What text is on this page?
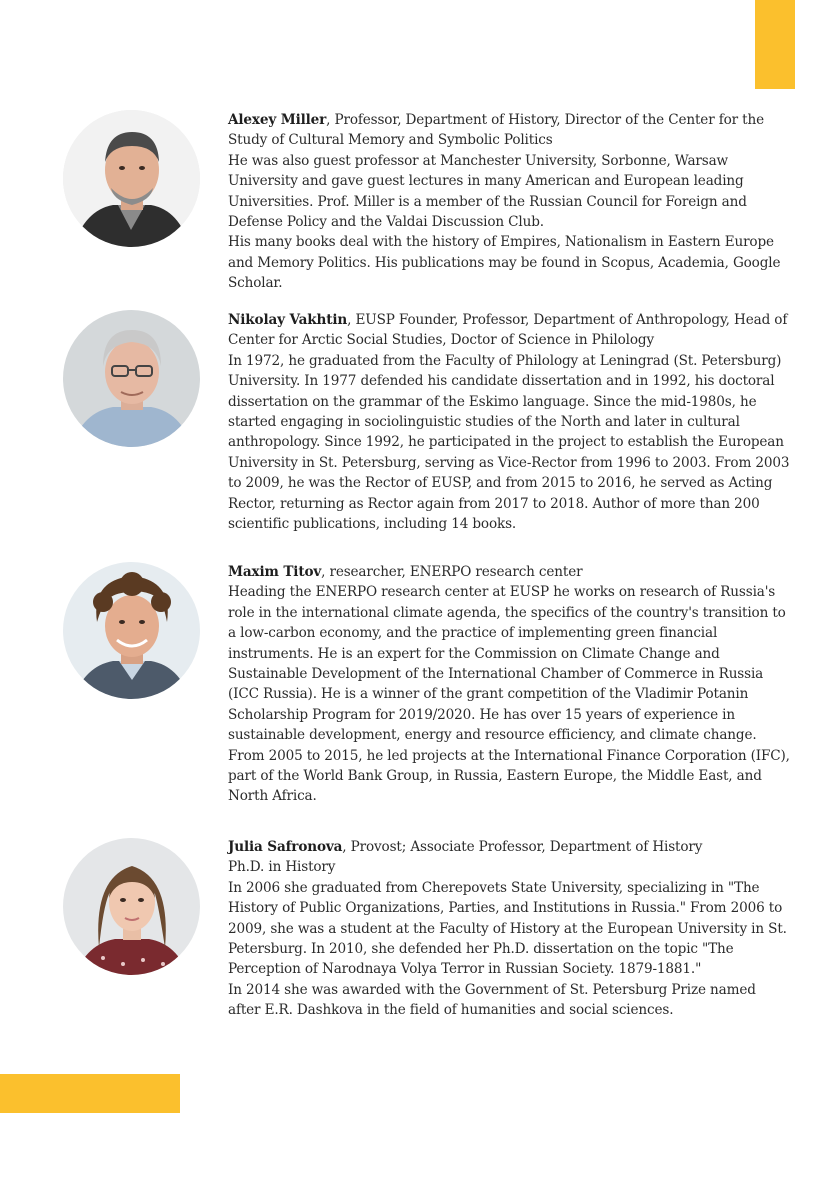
Alexey Miller, Professor, Department of History, Director of the Center for the Study of Cultural Memory and Symbolic Politics

He was also guest professor at Manchester University, Sorbonne, Warsaw University and gave guest lectures in many American and European leading Universities. Prof. Miller is a member of the Russian Council for Foreign and Defense Policy and the Valdai Discussion Club.

His many books deal with the history of Empires, Nationalism in Eastern Europe and Memory Politics. His publications may be found in Scopus, Academia, Google Scholar.

Nikolay Vakhtin, EUSP Founder, Professor, Department of Anthropology, Head of Center for Arctic Social Studies, Doctor of Science in Philology

In 1972, he graduated from the Faculty of Philology at Leningrad (St. Petersburg) University. In 1977 defended his candidate dissertation and in 1992, his doctoral dissertation on the grammar of the Eskimo language. Since the mid-1980s, he started engaging in sociolinguistic studies of the North and later in cultural anthropology. Since 1992, he participated in the project to establish the European University in St. Petersburg, serving as Vice-Rector from 1996 to 2003. From 2003 to 2009, he was the Rector of EUSP, and from 2015 to 2016, he served as Acting Rector, returning as Rector again from 2017 to 2018. Author of more than 200 scientific publications, including 14 books.

Maxim Titov, researcher, ENERPO research center

Heading the ENERPO research center at EUSP he works on research of Russia's role in the international climate agenda, the specifics of the country's transition to a low-carbon economy, and the practice of implementing green financial instruments. He is an expert for the Commission on Climate Change and Sustainable Development of the International Chamber of Commerce in Russia (ICC Russia). He is a winner of the grant competition of the Vladimir Potanin Scholarship Program for 2019/2020. He has over 15 years of experience in sustainable development, energy and resource efficiency, and climate change. From 2005 to 2015, he led projects at the International Finance Corporation (IFC), part of the World Bank Group, in Russia, Eastern Europe, the Middle East, and North Africa.

Julia Safronova, Provost; Associate Professor, Department of History

Ph.D. in History

In 2006 she graduated from Cherepovets State University, specializing in "The History of Public Organizations, Parties, and Institutions in Russia." From 2006 to 2009, she was a student at the Faculty of History at the European University in St. Petersburg. In 2010, she defended her Ph.D. dissertation on the topic "The Perception of Narodnaya Volya Terror in Russian Society. 1879-1881."

In 2014 she was awarded with the Government of St. Petersburg Prize named after E.R. Dashkova in the field of humanities and social sciences.
